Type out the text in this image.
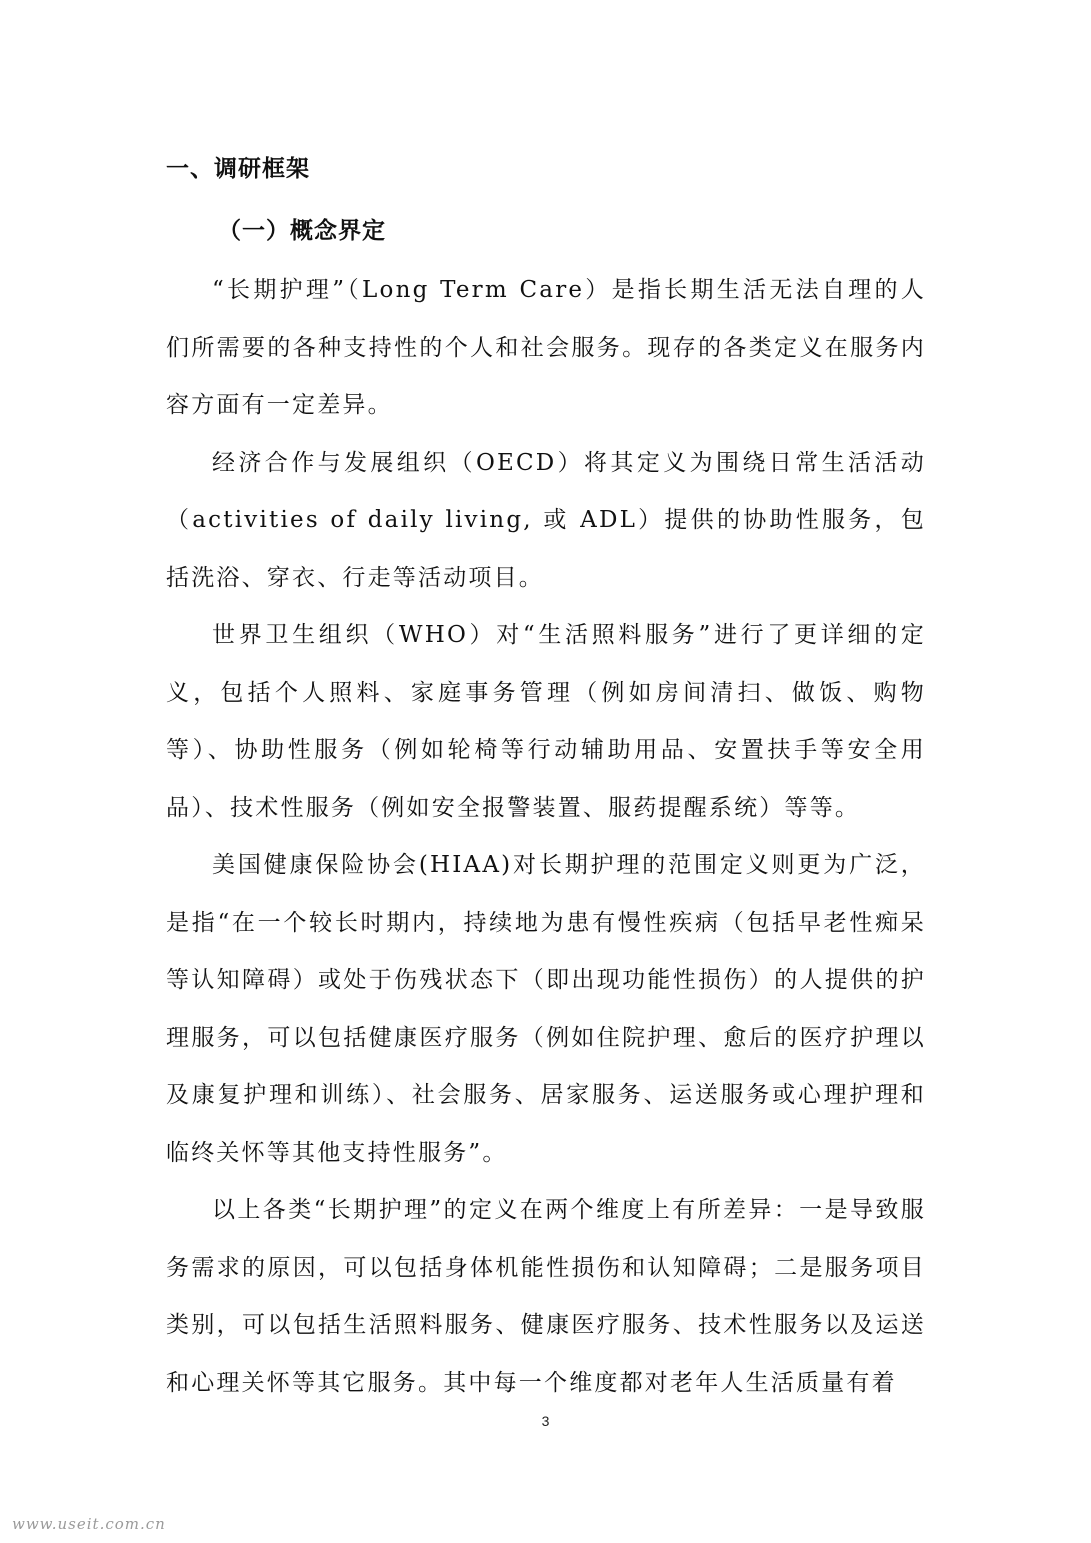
一、调研框架
（一）概念界定

“长期护理”（Long Term Care）是指长期生活无法自理的人们所需要的各种支持性的个人和社会服务。现存的各类定义在服务内容方面有一定差异。

经济合作与发展组织（OECD）将其定义为围绕日常生活活动（activities of daily living, 或 ADL）提供的协助性服务，包括洗浴、穿衣、行走等活动项目。

世界卫生组织（WHO）对“生活照料服务”进行了更详细的定义，包括个人照料、家庭事务管理（例如房间清扫、做饭、购物等）、协助性服务（例如轮椅等行动辅助用品、安置扶手等安全用品）、技术性服务（例如安全报警装置、服药提醒系统）等等。

美国健康保险协会(HIAA)对长期护理的范围定义则更为广泛，是指“在一个较长时期内，持续地为患有慢性疾病（包括早老性痴呆等认知障碍）或处于伤残状态下（即出现功能性损伤）的人提供的护理服务，可以包括健康医疗服务（例如住院护理、愈后的医疗护理以及康复护理和训练）、社会服务、居家服务、运送服务或心理护理和临终关怀等其他支持性服务”。

以上各类“长期护理”的定义在两个维度上有所差异：一是导致服务需求的原因，可以包括身体机能性损伤和认知障碍；二是服务项目类别，可以包括生活照料服务、健康医疗服务、技术性服务以及运送和心理关怀等其它服务。其中每一个维度都对老年人生活质量有着

3

www.useit.com.cn
